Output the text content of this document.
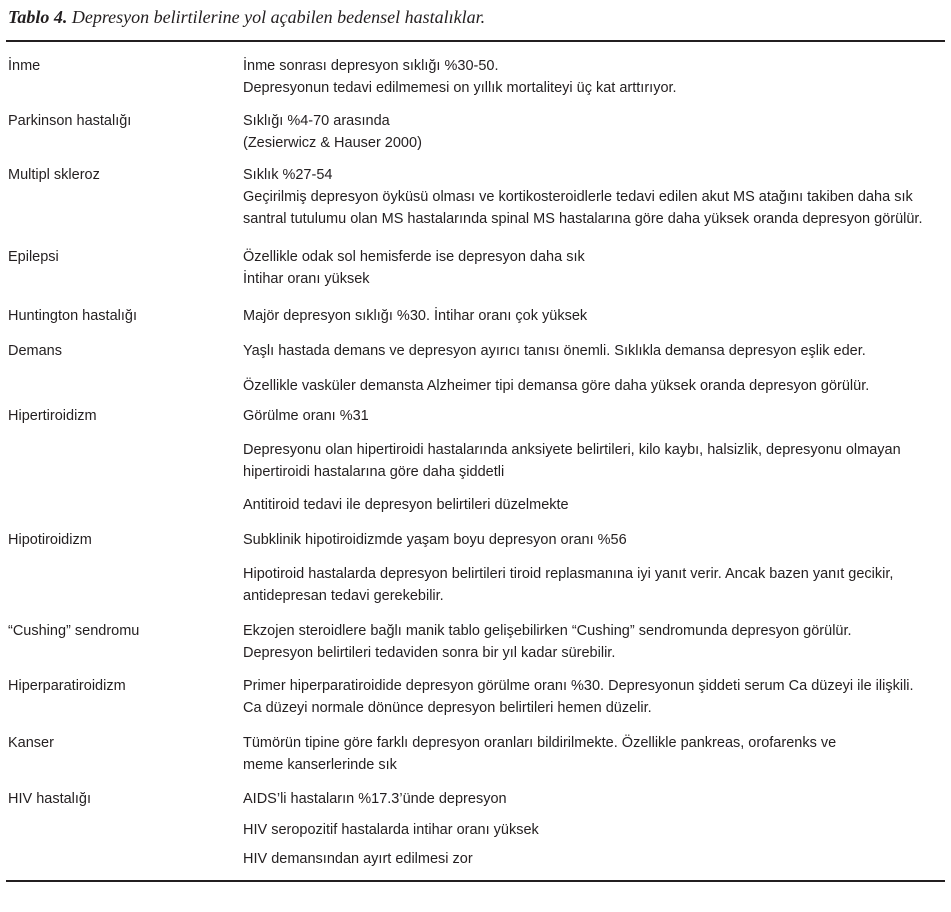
Tablo 4. Depresyon belirtilerine yol açabilen bedensel hastalıklar.
İnme	İnme sonrası depresyon sıklığı %30-50.
Depresyonun tedavi edilmemesi on yıllık mortaliteyi üç kat arttırıyor.
Parkinson hastalığı	Sıklığı %4-70 arasında
(Zesierwicz & Hauser 2000)
Multipl skleroz	Sıklık %27-54
Geçirilmiş depresyon öyküsü olması ve kortikosteroidlerle tedavi edilen akut MS atağını takiben daha sık
santral tutulumu olan MS hastalarında spinal MS hastalarına göre daha yüksek oranda depresyon görülür.
Epilepsi	Özellikle odak sol hemisferde ise depresyon daha sık
İntihar oranı yüksek
Huntington hastalığı	Majör depresyon sıklığı %30. İntihar oranı çok yüksek
Demans	Yaşlı hastada demans ve depresyon ayırıcı tanısı önemli. Sıklıkla demansa depresyon eşlik eder.
Özellikle vasküler demansta Alzheimer tipi demansa göre daha yüksek oranda depresyon görülür.
Hipertiroidizm	Görülme oranı %31
Depresyonu olan hipertiroidi hastalarında anksiyete belirtileri, kilo kaybı, halsizlik, depresyonu olmayan
hipertiroidi hastalarına göre daha şiddetli
Antitiroid tedavi ile depresyon belirtileri düzelmekte
Hipotiroidizm	Subklinik hipotiroidizmde yaşam boyu depresyon oranı %56
Hipotiroid hastalarda depresyon belirtileri tiroid replasmanına iyi yanıt verir. Ancak bazen yanıt gecikir,
antidepresan tedavi gerekebilir.
“Cushing” sendromu	Ekzojen steroidlere bağlı manik tablo gelişebilirken “Cushing” sendromunda depresyon görülür.
Depresyon belirtileri tedaviden sonra bir yıl kadar sürebilir.
Hiperparatiroidizm	Primer hiperparatiroidide depresyon görülme oranı %30. Depresyonun şiddeti serum Ca düzeyi ile ilişkili.
Ca düzeyi normale dönünce depresyon belirtileri hemen düzelir.
Kanser	Tümörün tipine göre farklı depresyon oranları bildirilmekte. Özellikle pankreas, orofarenks ve
meme kanserlerinde sık
HIV hastalığı	AIDS’li hastaların %17.3’ünde depresyon
HIV seropozitif hastalarda intihar oranı yüksek
HIV demansından ayırt edilmesi zor
